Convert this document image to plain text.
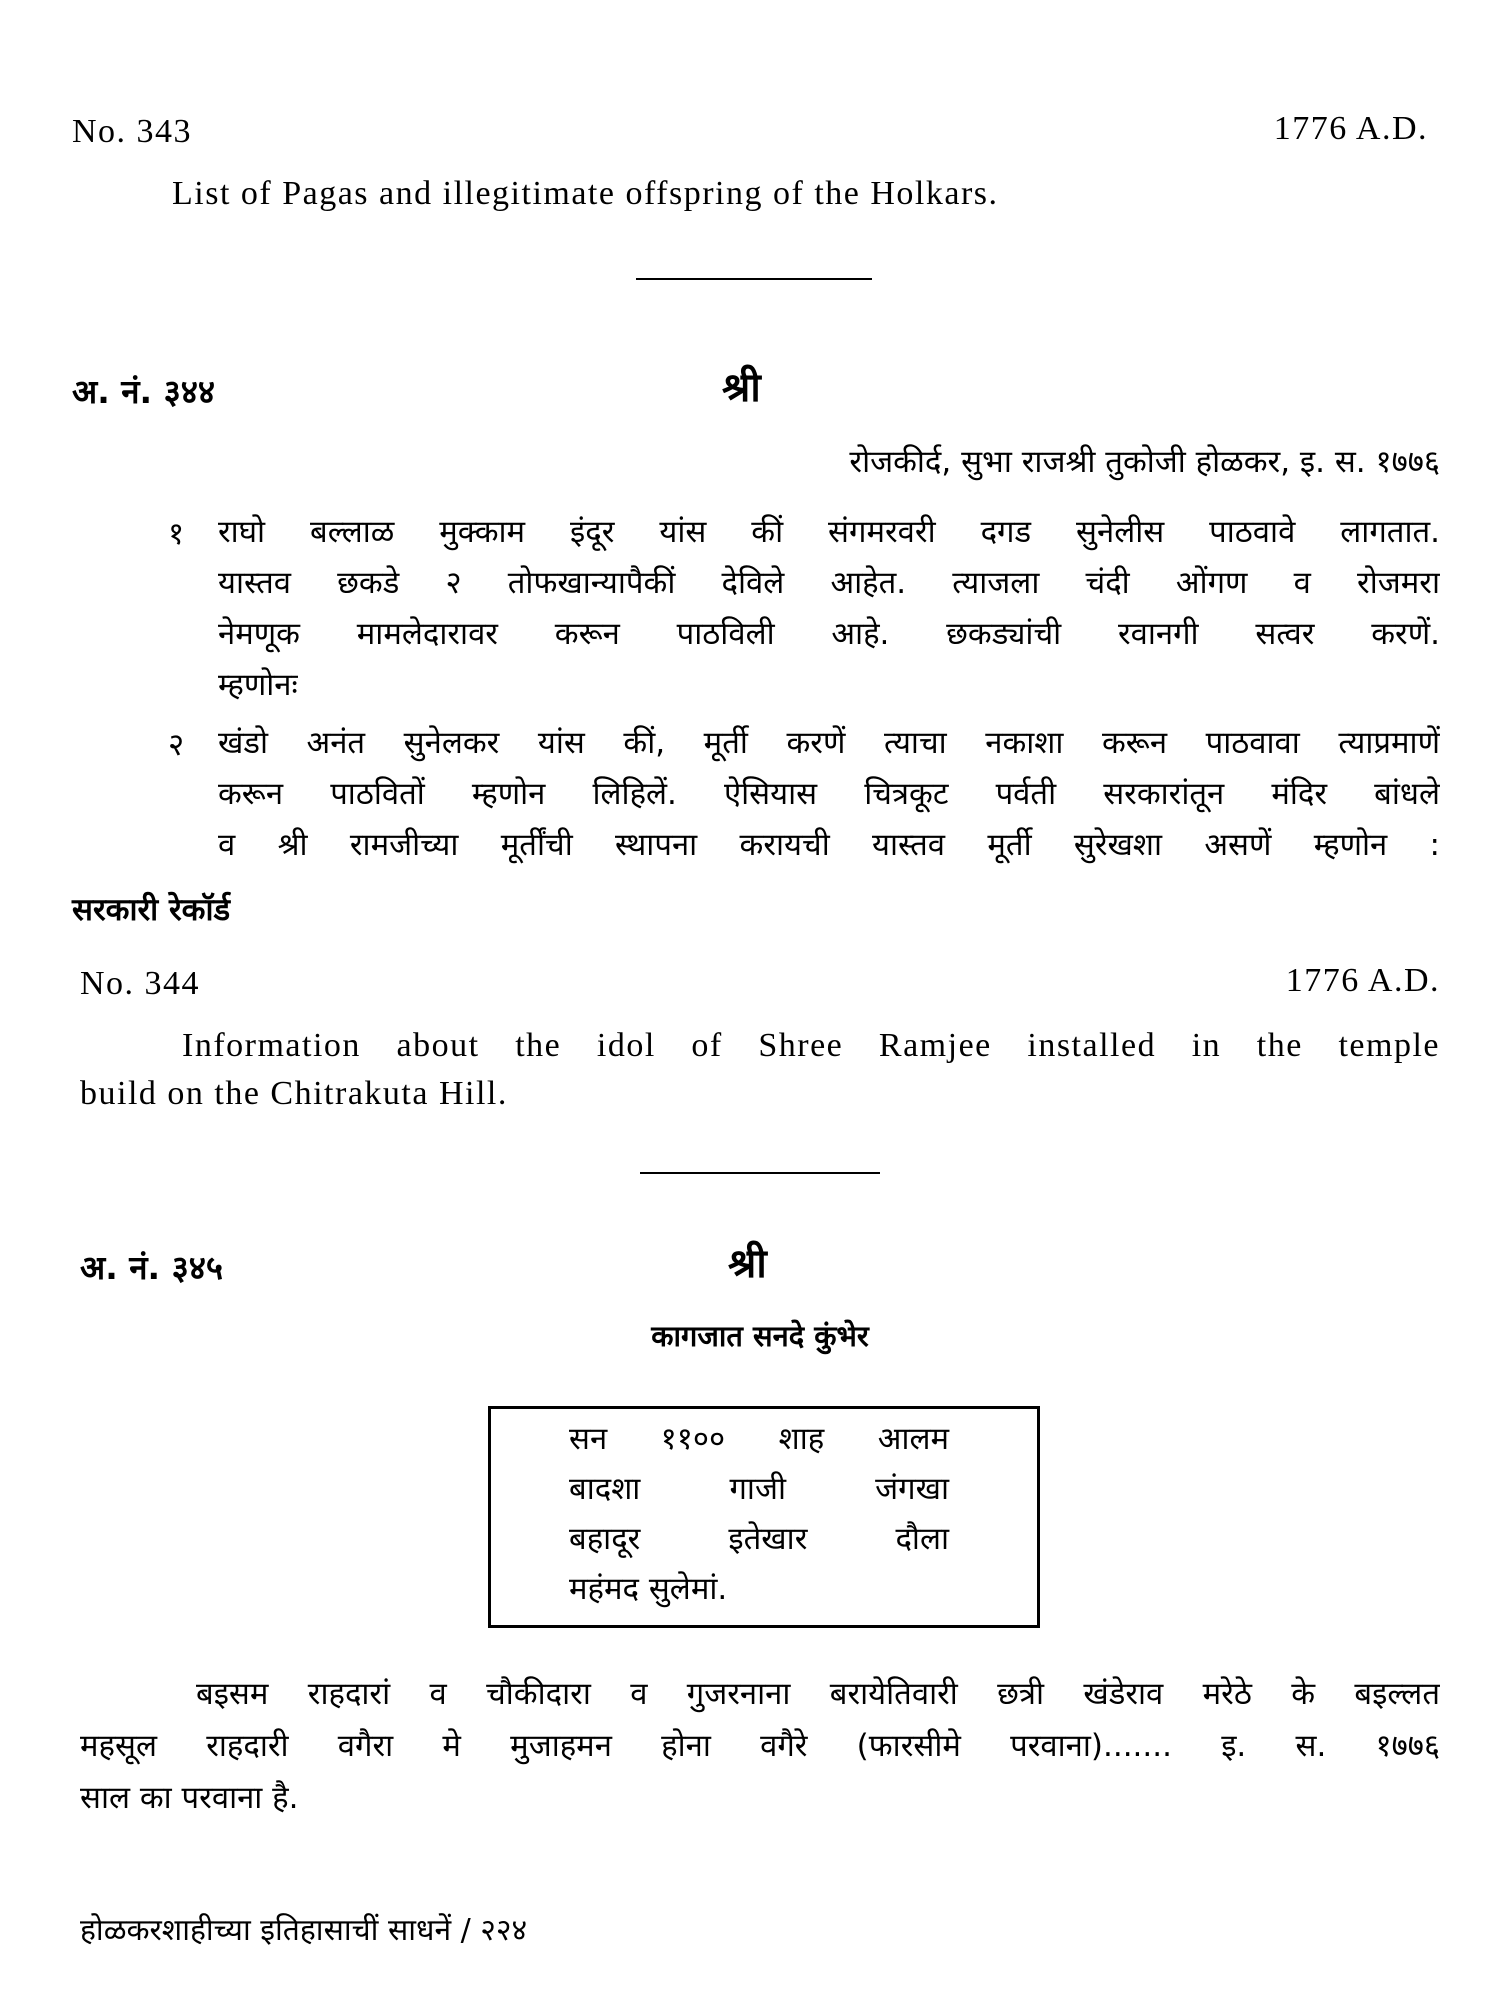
No. 343	1776 A.D.
List of Pagas and illegitimate offspring of the Holkars.
अ. नं. ३४४	श्री
रोजकीर्द, सुभा राजश्री तुकोजी होळकर, इ. स. १७७६
१	राघो बल्लाळ मुक्काम इंदूर यांस कीं संगमरवरी दगड सुनेलीस पाठवावे लागतात.
यास्तव छकडे २ तोफखान्यापैकीं देविले आहेत. त्याजला चंदी ओंगण व रोजमरा
नेमणूक मामलेदारावर करून पाठविली आहे. छकड्यांची रवानगी सत्वर करणें.
म्हणोनः
२	खंडो अनंत सुनेलकर यांस कीं, मूर्ती करणें त्याचा नकाशा करून पाठवावा त्याप्रमाणें
करून पाठवितों म्हणोन लिहिलें. ऐसियास चित्रकूट पर्वती सरकारांतून मंदिर बांधले
व श्री रामजीच्या मूर्तींची स्थापना करायची यास्तव मूर्ती सुरेखशा असणें म्हणोन :
सरकारी रेकॉर्ड
No. 344	1776 A.D.
Information about the idol of Shree Ramjee installed in the temple
build on the Chitrakuta Hill.
अ. नं. ३४५	श्री
कागजात सनदे कुंभेर
सन ११०० शाह आलम
बादशा गाजी जंगखा
बहादूर इतेखार दौला
महंमद सुलेमां.
बइसम राहदारां व चौकीदारा व गुजरनाना बरायेतिवारी छत्री खंडेराव मरेठे के बइल्लत
महसूल राहदारी वगैरा मे मुजाहमन होना वगैरे (फारसीमे परवाना)....... इ. स. १७७६
साल का परवाना है.
होळकरशाहीच्या इतिहासाचीं साधनें / २२४
